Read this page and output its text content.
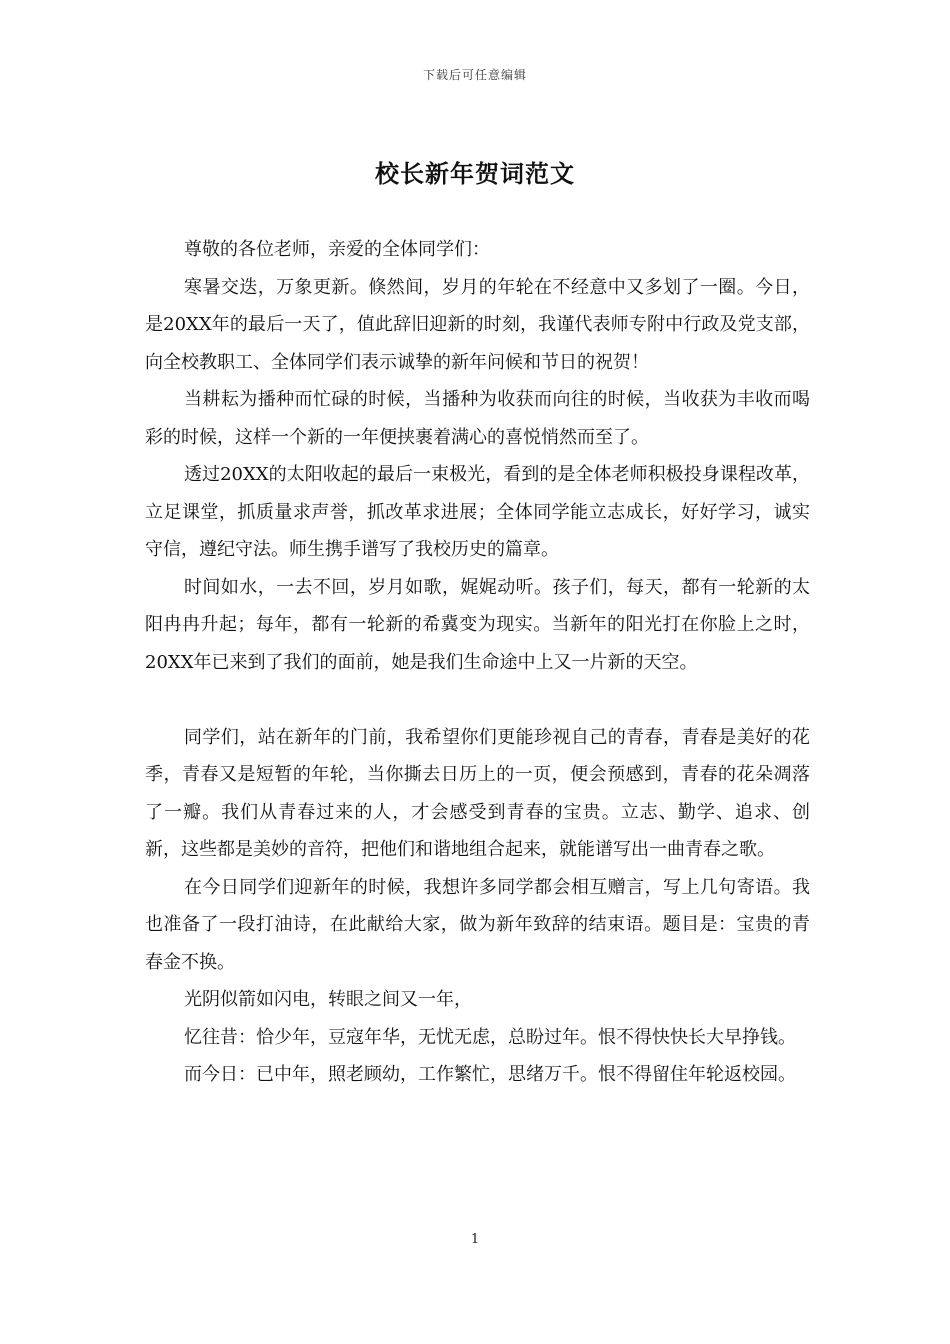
下载后可任意编辑
校长新年贺词范文

尊敬的各位老师，亲爱的全体同学们：

寒暑交迭，万象更新。倏然间，岁月的年轮在不经意中又多划了一圈。今日，是20XX年的最后一天了，值此辞旧迎新的时刻，我谨代表师专附中行政及党支部，向全校教职工、全体同学们表示诚挚的新年问候和节日的祝贺！

当耕耘为播种而忙碌的时候，当播种为收获而向往的时候，当收获为丰收而喝彩的时候，这样一个新的一年便挟裹着满心的喜悦悄然而至了。

透过20XX的太阳收起的最后一束极光，看到的是全体老师积极投身课程改革，立足课堂，抓质量求声誉，抓改革求进展；全体同学能立志成长，好好学习，诚实守信，遵纪守法。师生携手谱写了我校历史的篇章。

时间如水，一去不回，岁月如歌，娓娓动听。孩子们，每天，都有一轮新的太阳冉冉升起；每年，都有一轮新的希冀变为现实。当新年的阳光打在你脸上之时，20XX年已来到了我们的面前，她是我们生命途中上又一片新的天空。

同学们，站在新年的门前，我希望你们更能珍视自己的青春，青春是美好的花季，青春又是短暂的年轮，当你撕去日历上的一页，便会预感到，青春的花朵凋落了一瓣。我们从青春过来的人，才会感受到青春的宝贵。立志、勤学、追求、创新，这些都是美妙的音符，把他们和谐地组合起来，就能谱写出一曲青春之歌。

在今日同学们迎新年的时候，我想许多同学都会相互赠言，写上几句寄语。我也准备了一段打油诗，在此献给大家，做为新年致辞的结束语。题目是：宝贵的青春金不换。

光阴似箭如闪电，转眼之间又一年，

忆往昔：恰少年，豆寇年华，无忧无虑，总盼过年。恨不得快快长大早挣钱。

而今日：已中年，照老顾幼，工作繁忙，思绪万千。恨不得留住年轮返校园。

1
